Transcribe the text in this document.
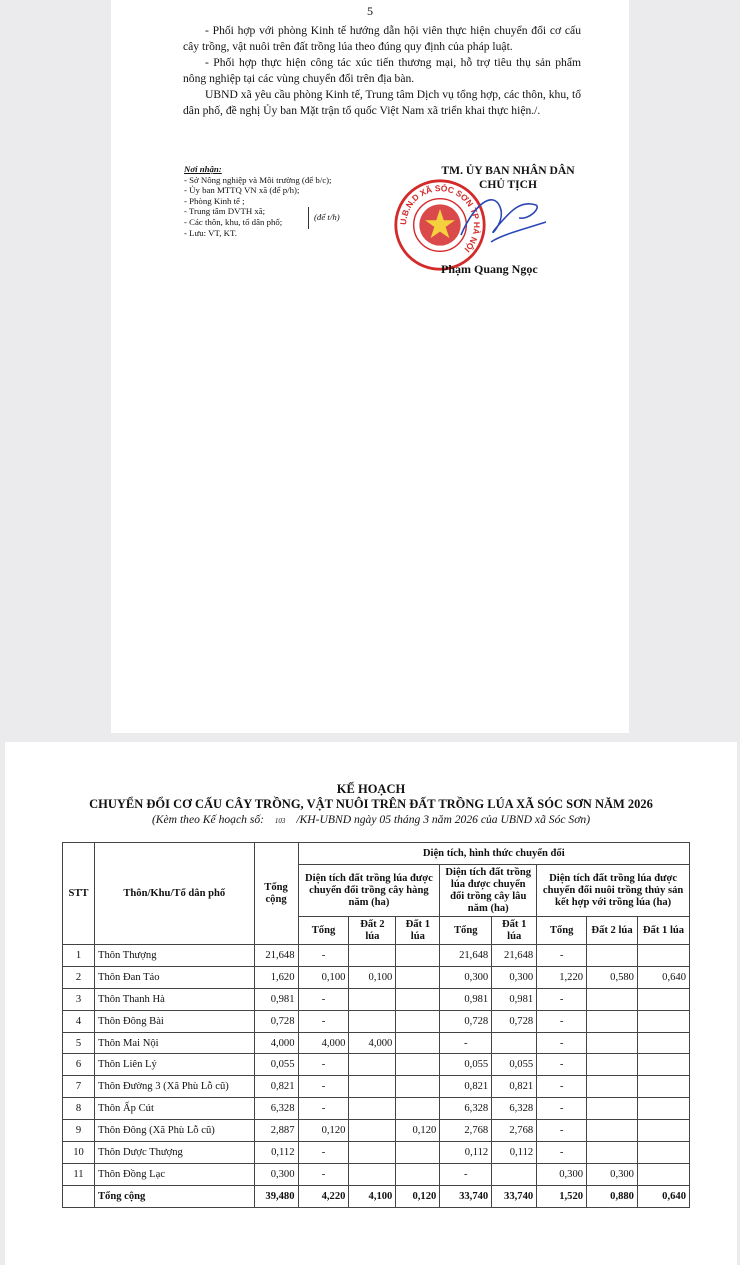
5

- Phối hợp với phòng Kinh tế hướng dẫn hội viên thực hiện chuyển đổi cơ cấu cây trồng, vật nuôi trên đất trồng lúa theo đúng quy định của pháp luật.

- Phối hợp thực hiện công tác xúc tiến thương mại, hỗ trợ tiêu thụ sản phẩm nông nghiệp tại các vùng chuyển đổi trên địa bàn.

UBND xã yêu cầu phòng Kinh tế, Trung tâm Dịch vụ tổng hợp, các thôn, khu, tổ dân phố, đề nghị Ủy ban Mặt trận tổ quốc Việt Nam xã triển khai thực hiện./.

Nơi nhận:
- Sở Nông nghiệp và Môi trường (để b/c);
- Ủy ban MTTQ VN xã (để p/h);
- Phòng Kinh tế ;
- Trung tâm DVTH xã;
- Các thôn, khu, tổ dân phố;
- Lưu: VT, KT.
(để t/h)
TM. ỦY BAN NHÂN DÂN
CHỦ TỊCH
U.B.N.D XÃ SÓC SƠN TP HÀ NỘI
Phạm Quang Ngọc
KẾ HOẠCH
CHUYỂN ĐỔI CƠ CẤU CÂY TRỒNG, VẬT NUÔI TRÊN ĐẤT TRỒNG LÚA XÃ SÓC SƠN NĂM 2026
(Kèm theo Kế hoạch số: 103 /KH-UBND ngày 05 tháng 3 năm 2026 của UBND xã Sóc Sơn)
STT	Thôn/Khu/Tổ dân phố	Tổng cộng	Diện tích, hình thức chuyển đổi							
			Diện tích đất trồng lúa được chuyển đổi trồng cây hàng năm (ha)			Diện tích đất trồng lúa được chuyển đổi trồng cây lâu năm (ha)		Diện tích đất trồng lúa được chuyển đổi nuôi trồng thủy sản kết hợp với trồng lúa (ha)		
			Tổng	Đất 2 lúa	Đất 1 lúa	Tổng	Đất 1 lúa	Tổng	Đất 2 lúa	Đất 1 lúa
1	Thôn Thượng	21,648	-			21,648	21,648	-		
2	Thôn Đan Tảo	1,620	0,100	0,100		0,300	0,300	1,220	0,580	0,640
3	Thôn Thanh Hà	0,981	-			0,981	0,981	-		
4	Thôn Đông Bài	0,728	-			0,728	0,728	-		
5	Thôn Mai Nội	4,000	4,000	4,000		-		-		
6	Thôn Liên Lý	0,055	-			0,055	0,055	-		
7	Thôn Đường 3 (Xã Phù Lỗ cũ)	0,821	-			0,821	0,821	-		
8	Thôn Ấp Cút	6,328	-			6,328	6,328	-		
9	Thôn Đông (Xã Phù Lỗ cũ)	2,887	0,120		0,120	2,768	2,768	-		
10	Thôn Dược Thượng	0,112	-			0,112	0,112	-		
11	Thôn Đồng Lạc	0,300	-			-		0,300	0,300	
	Tổng cộng	39,480	4,220	4,100	0,120	33,740	33,740	1,520	0,880	0,640
